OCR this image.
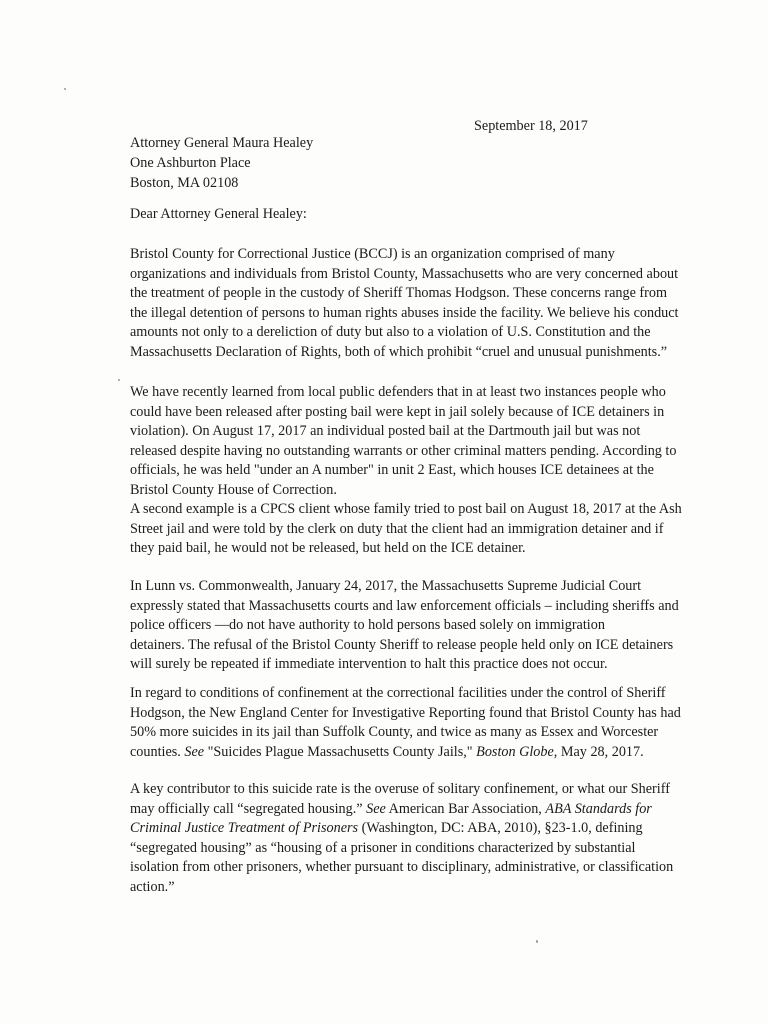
September 18, 2017
Attorney General Maura Healey
One Ashburton Place
Boston, MA 02108
Dear Attorney General Healey:
Bristol County for Correctional Justice (BCCJ) is an organization comprised of many
organizations and individuals from Bristol County, Massachusetts who are very concerned about
the treatment of people in the custody of Sheriff Thomas Hodgson. These concerns range from
the illegal detention of persons to human rights abuses inside the facility. We believe his conduct
amounts not only to a dereliction of duty but also to a violation of U.S. Constitution and the
Massachusetts Declaration of Rights, both of which prohibit “cruel and unusual punishments.”
We have recently learned from local public defenders that in at least two instances people who
could have been released after posting bail were kept in jail solely because of ICE detainers in
violation). On August 17, 2017 an individual posted bail at the Dartmouth jail but was not
released despite having no outstanding warrants or other criminal matters pending. According to
officials, he was held "under an A number" in unit 2 East, which houses ICE detainees at the
Bristol County House of Correction.
A second example is a CPCS client whose family tried to post bail on August 18, 2017 at the Ash
Street jail and were told by the clerk on duty that the client had an immigration detainer and if
they paid bail, he would not be released, but held on the ICE detainer.
In Lunn vs. Commonwealth, January 24, 2017, the Massachusetts Supreme Judicial Court
expressly stated that Massachusetts courts and law enforcement officials – including sheriffs and
police officers —do not have authority to hold persons based solely on immigration
detainers. The refusal of the Bristol County Sheriff to release people held only on ICE detainers
will surely be repeated if immediate intervention to halt this practice does not occur.
In regard to conditions of confinement at the correctional facilities under the control of Sheriff
Hodgson, the New England Center for Investigative Reporting found that Bristol County has had
50% more suicides in its jail than Suffolk County, and twice as many as Essex and Worcester
counties. See "Suicides Plague Massachusetts County Jails," Boston Globe, May 28, 2017.
A key contributor to this suicide rate is the overuse of solitary confinement, or what our Sheriff
may officially call “segregated housing.” See American Bar Association, ABA Standards for
Criminal Justice Treatment of Prisoners (Washington, DC: ABA, 2010), §23-1.0, defining
“segregated housing” as “housing of a prisoner in conditions characterized by substantial
isolation from other prisoners, whether pursuant to disciplinary, administrative, or classification
action.”
